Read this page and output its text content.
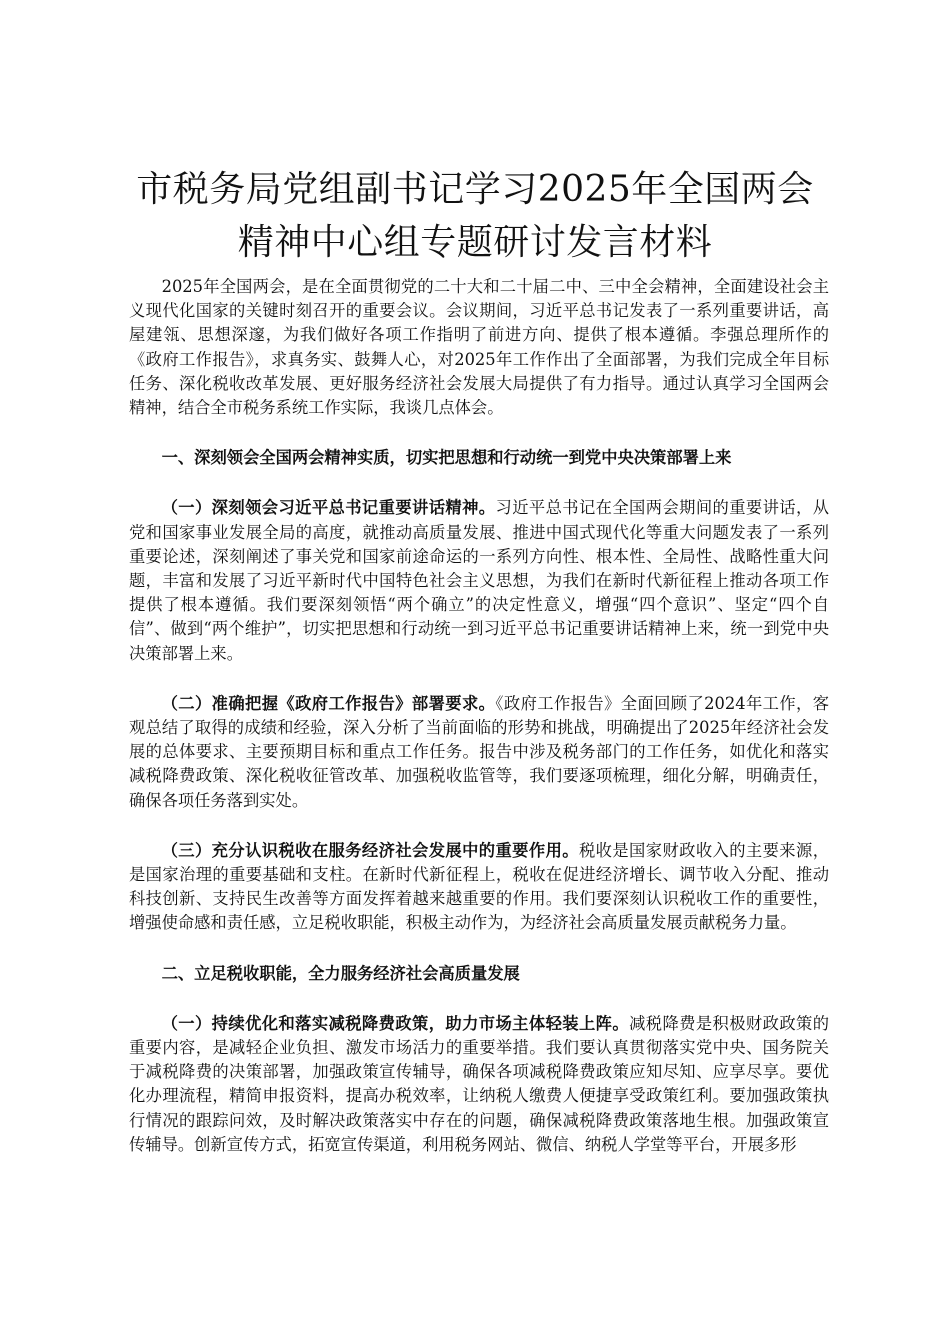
市税务局党组副书记学习2025年全国两会精神中心组专题研讨发言材料

2025年全国两会，是在全面贯彻党的二十大和二十届二中、三中全会精神，全面建设社会主义现代化国家的关键时刻召开的重要会议。会议期间，习近平总书记发表了一系列重要讲话，高屋建瓴、思想深邃，为我们做好各项工作指明了前进方向、提供了根本遵循。李强总理所作的《政府工作报告》，求真务实、鼓舞人心，对2025年工作作出了全面部署，为我们完成全年目标任务、深化税收改革发展、更好服务经济社会发展大局提供了有力指导。通过认真学习全国两会精神，结合全市税务系统工作实际，我谈几点体会。

一、深刻领会全国两会精神实质，切实把思想和行动统一到党中央决策部署上来

（一）深刻领会习近平总书记重要讲话精神。习近平总书记在全国两会期间的重要讲话，从党和国家事业发展全局的高度，就推动高质量发展、推进中国式现代化等重大问题发表了一系列重要论述，深刻阐述了事关党和国家前途命运的一系列方向性、根本性、全局性、战略性重大问题，丰富和发展了习近平新时代中国特色社会主义思想，为我们在新时代新征程上推动各项工作提供了根本遵循。我们要深刻领悟“两个确立”的决定性意义，增强“四个意识”、坚定“四个自信”、做到“两个维护”，切实把思想和行动统一到习近平总书记重要讲话精神上来，统一到党中央决策部署上来。

（二）准确把握《政府工作报告》部署要求。《政府工作报告》全面回顾了2024年工作，客观总结了取得的成绩和经验，深入分析了当前面临的形势和挑战，明确提出了2025年经济社会发展的总体要求、主要预期目标和重点工作任务。报告中涉及税务部门的工作任务，如优化和落实减税降费政策、深化税收征管改革、加强税收监管等，我们要逐项梳理，细化分解，明确责任，确保各项任务落到实处。

（三）充分认识税收在服务经济社会发展中的重要作用。税收是国家财政收入的主要来源，是国家治理的重要基础和支柱。在新时代新征程上，税收在促进经济增长、调节收入分配、推动科技创新、支持民生改善等方面发挥着越来越重要的作用。我们要深刻认识税收工作的重要性，增强使命感和责任感，立足税收职能，积极主动作为，为经济社会高质量发展贡献税务力量。

二、立足税收职能，全力服务经济社会高质量发展

（一）持续优化和落实减税降费政策，助力市场主体轻装上阵。减税降费是积极财政政策的重要内容，是减轻企业负担、激发市场活力的重要举措。我们要认真贯彻落实党中央、国务院关于减税降费的决策部署，加强政策宣传辅导，确保各项减税降费政策应知尽知、应享尽享。要优化办理流程，精简申报资料，提高办税效率，让纳税人缴费人便捷享受政策红利。要加强政策执行情况的跟踪问效，及时解决政策落实中存在的问题，确保减税降费政策落地生根。加强政策宣传辅导。创新宣传方式，拓宽宣传渠道，利用税务网站、微信、纳税人学堂等平台，开展多形
